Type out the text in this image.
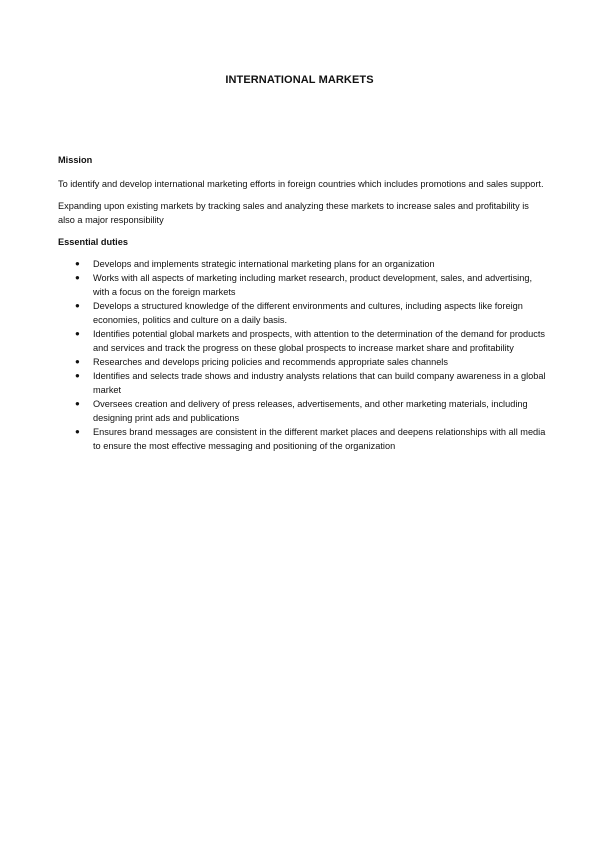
INTERNATIONAL MARKETS

Mission

To identify and develop international marketing efforts in foreign countries which includes promotions and sales support.

Expanding upon existing markets by tracking sales and analyzing these markets to increase sales and profitability is also a major responsibility

Essential duties

● Develops and implements strategic international marketing plans for an organization
● Works with all aspects of marketing including market research, product development, sales, and advertising, with a focus on the foreign markets
● Develops a structured knowledge of the different environments and cultures, including aspects like foreign economies, politics and culture on a daily basis.
● Identifies potential global markets and prospects, with attention to the determination of the demand for products and services and track the progress on these global prospects to increase market share and profitability
● Researches and develops pricing policies and recommends appropriate sales channels
● Identifies and selects trade shows and industry analysts relations that can build company awareness in a global market
● Oversees creation and delivery of press releases, advertisements, and other marketing materials, including designing print ads and publications
● Ensures brand messages are consistent in the different market places and deepens relationships with all media to ensure the most effective messaging and positioning of the organization
